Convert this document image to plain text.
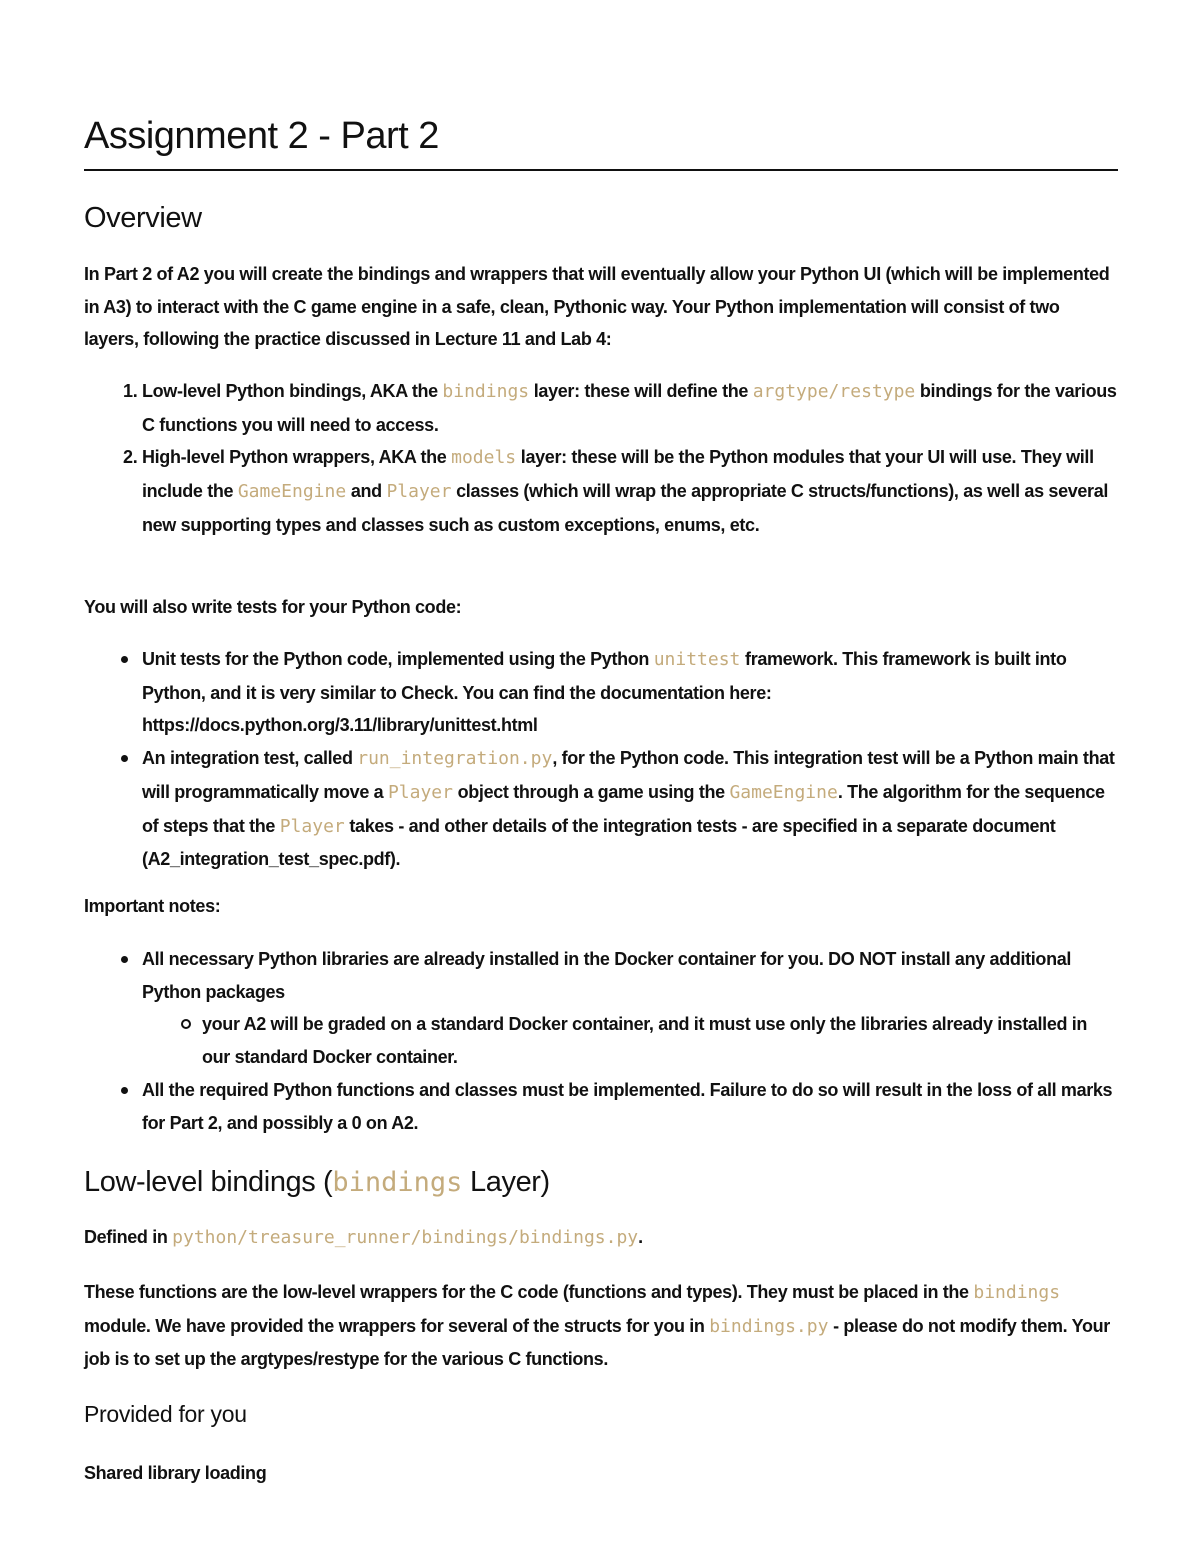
Assignment 2 - Part 2
Overview

In Part 2 of A2 you will create the bindings and wrappers that will eventually allow your Python UI (which will be implemented in A3) to interact with the C game engine in a safe, clean, Pythonic way. Your Python implementation will consist of two layers, following the practice discussed in Lecture 11 and Lab 4:

1. Low-level Python bindings, AKA the bindings layer: these will define the argtype/restype bindings for the various C functions you will need to access.
2. High-level Python wrappers, AKA the models layer: these will be the Python modules that your UI will use. They will include the GameEngine and Player classes (which will wrap the appropriate C structs/functions), as well as several new supporting types and classes such as custom exceptions, enums, etc.

You will also write tests for your Python code:

Unit tests for the Python code, implemented using the Python unittest framework. This framework is built into Python, and it is very similar to Check. You can find the documentation here: https://docs.python.org/3.11/library/unittest.html
An integration test, called run_integration.py, for the Python code. This integration test will be a Python main that will programmatically move a Player object through a game using the GameEngine. The algorithm for the sequence of steps that the Player takes - and other details of the integration tests - are specified in a separate document (A2_integration_test_spec.pdf).

Important notes:

All necessary Python libraries are already installed in the Docker container for you. DO NOT install any additional Python packages
your A2 will be graded on a standard Docker container, and it must use only the libraries already installed in our standard Docker container.
All the required Python functions and classes must be implemented. Failure to do so will result in the loss of all marks for Part 2, and possibly a 0 on A2.
Low-level bindings (bindings Layer)

Defined in python/treasure_runner/bindings/bindings.py.

These functions are the low-level wrappers for the C code (functions and types). They must be placed in the bindings module. We have provided the wrappers for several of the structs for you in bindings.py - please do not modify them. Your job is to set up the argtypes/restype for the various C functions.

Provided for you

Shared library loading
